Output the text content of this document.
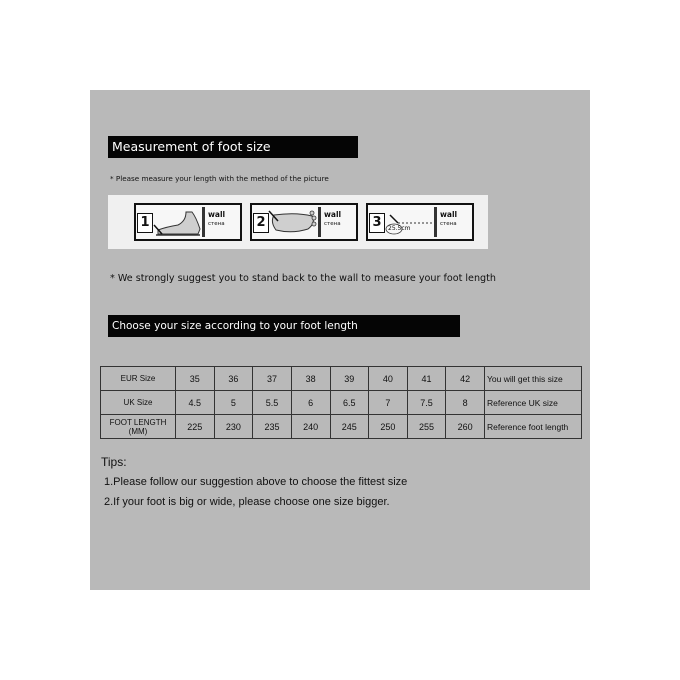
Measurement of foot size
* Please measure your length with the method of the picture
1
wall
стена 2
wall
стена 3	25.5cm
wall
стена
* We strongly suggest you to stand back to the wall to measure your foot length
Choose your size according to your foot length
EUR Size	35	36	37	38	39	40	41	42	You will get this size
UK Size	4.5	5	5.5	6	6.5	7	7.5	8	Reference UK size
FOOT LENGTH (MM)	225	230	235	240	245	250	255	260	Reference foot length
Tips:
1.Please follow our suggestion above to choose the fittest size
2.If your foot is big or wide, please choose one size bigger.
